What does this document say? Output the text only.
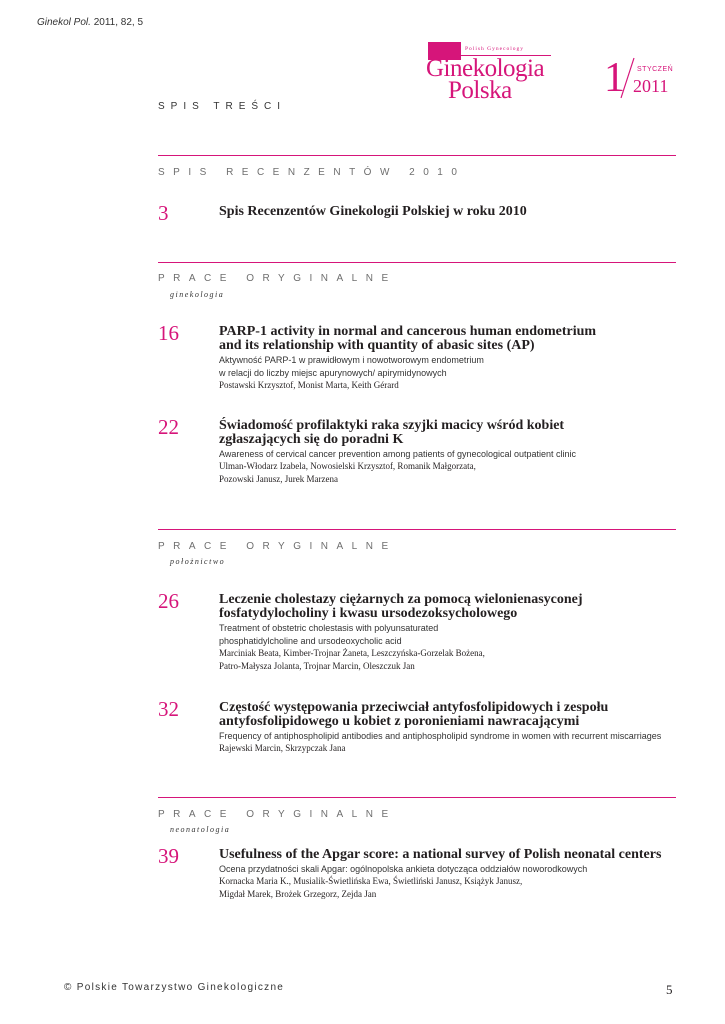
Ginekol Pol. 2011, 82, 5
Polish Gynecology
Ginekologia
Polska	1 STYCZEŃ
2011
SPIS TREŚCI
SPIS RECENZENTÓW 2010
3	Spis Recenzentów Ginekologii Polskiej w roku 2010
PRACE ORYGINALNE
ginekologia
16	PARP-1 activity in normal and cancerous human endometrium
and its relationship with quantity of abasic sites (AP)
Aktywność PARP-1 w prawidłowym i nowotworowym endometrium
w relacji do liczby miejsc apurynowych/ apirymidynowych
Postawski Krzysztof, Monist Marta, Keith Gérard
22	Świadomość profilaktyki raka szyjki macicy wśród kobiet
zgłaszających się do poradni K
Awareness of cervical cancer prevention among patients of gynecological outpatient clinic
Ulman-Włodarz Izabela, Nowosielski Krzysztof, Romanik Małgorzata,
Pozowski Janusz, Jurek Marzena
PRACE ORYGINALNE
położnictwo
26	Leczenie cholestazy ciężarnych za pomocą wielonienasyconej
fosfatydylocholiny i kwasu ursodezoksycholowego
Treatment of obstetric cholestasis with polyunsaturated
phosphatidylcholine and ursodeoxycholic acid
Marciniak Beata, Kimber-Trojnar Żaneta, Leszczyńska-Gorzelak Bożena,
Patro-Małysza Jolanta, Trojnar Marcin, Oleszczuk Jan
32	Częstość występowania przeciwciał antyfosfolipidowych i zespołu
antyfosfolipidowego u kobiet z poronieniami nawracającymi
Frequency of antiphospholipid antibodies and antiphospholipid syndrome in women with recurrent miscarriages
Rajewski Marcin, Skrzypczak Jana
PRACE ORYGINALNE
neonatologia
39	Usefulness of the Apgar score: a national survey of Polish neonatal centers
Ocena przydatności skali Apgar: ogólnopolska ankieta dotycząca oddziałów noworodkowych
Kornacka Maria K., Musialik-Świetlińska Ewa, Świetliński Janusz, Książyk Janusz,
Migdał Marek, Brożek Grzegorz, Zejda Jan
© Polskie Towarzystwo Ginekologiczne	5
